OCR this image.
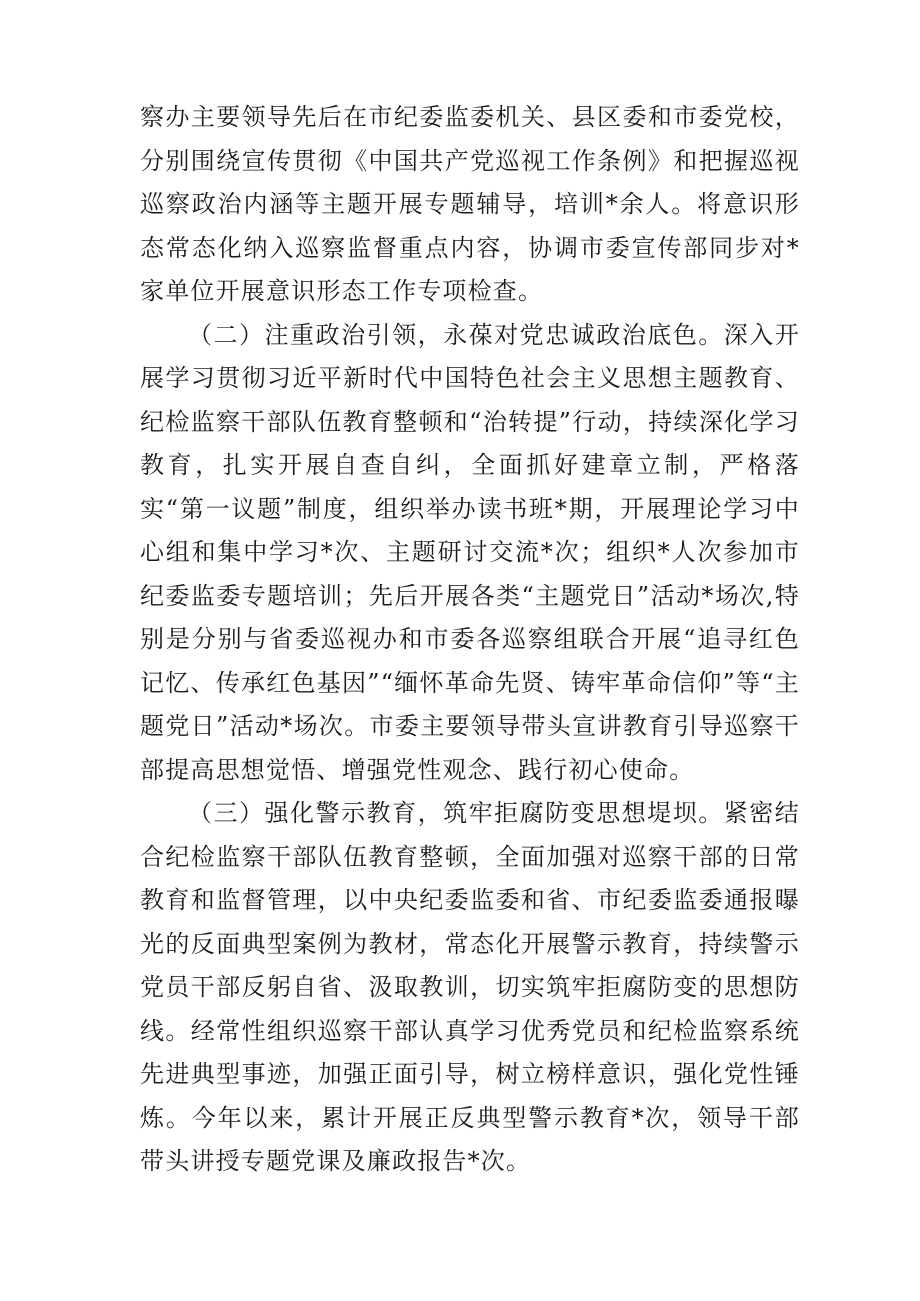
察办主要领导先后在市纪委监委机关、县区委和市委党校，分别围绕宣传贯彻《中国共产党巡视工作条例》和把握巡视巡察政治内涵等主题开展专题辅导，培训*余人。将意识形态常态化纳入巡察监督重点内容，协调市委宣传部同步对*家单位开展意识形态工作专项检查。

（二）注重政治引领，永葆对党忠诚政治底色。深入开展学习贯彻习近平新时代中国特色社会主义思想主题教育、纪检监察干部队伍教育整顿和“治转提”行动，持续深化学习教育，扎实开展自查自纠，全面抓好建章立制，严格落实“第一议题”制度，组织举办读书班*期，开展理论学习中心组和集中学习*次、主题研讨交流*次；组织*人次参加市纪委监委专题培训；先后开展各类“主题党日”活动*场次,特别是分别与省委巡视办和市委各巡察组联合开展“追寻红色记忆、传承红色基因”“缅怀革命先贤、铸牢革命信仰”等“主题党日”活动*场次。市委主要领导带头宣讲教育引导巡察干部提高思想觉悟、增强党性观念、践行初心使命。

（三）强化警示教育，筑牢拒腐防变思想堤坝。紧密结合纪检监察干部队伍教育整顿，全面加强对巡察干部的日常教育和监督管理，以中央纪委监委和省、市纪委监委通报曝光的反面典型案例为教材，常态化开展警示教育，持续警示党员干部反躬自省、汲取教训，切实筑牢拒腐防变的思想防线。经常性组织巡察干部认真学习优秀党员和纪检监察系统先进典型事迹，加强正面引导，树立榜样意识，强化党性锤炼。今年以来，累计开展正反典型警示教育*次，领导干部带头讲授专题党课及廉政报告*次。
